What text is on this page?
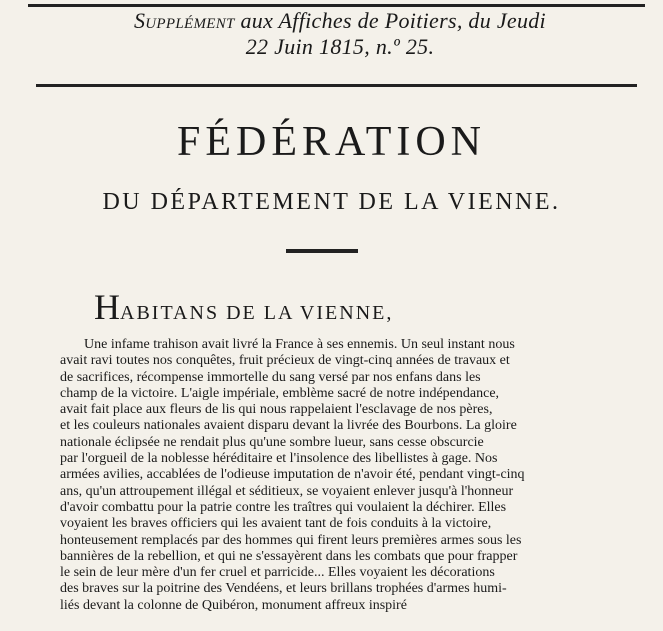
Supplément aux Affiches de Poitiers, du Jeudi
22 Juin 1815, n.º 25.
FÉDÉRATION
DU DÉPARTEMENT DE LA VIENNE.
HABITANS DE LA VIENNE,
Une infame trahison avait livré la France à ses ennemis. Un seul instant nous
avait ravi toutes nos conquêtes, fruit précieux de vingt-cinq années de travaux et
de sacrifices, récompense immortelle du sang versé par nos enfans dans les
champ de la victoire. L'aigle impériale, emblème sacré de notre indépendance,
avait fait place aux fleurs de lis qui nous rappelaient l'esclavage de nos pères,
et les couleurs nationales avaient disparu devant la livrée des Bourbons. La gloire
nationale éclipsée ne rendait plus qu'une sombre lueur, sans cesse obscurcie
par l'orgueil de la noblesse héréditaire et l'insolence des libellistes à gage. Nos
armées avilies, accablées de l'odieuse imputation de n'avoir été, pendant vingt-cinq
ans, qu'un attroupement illégal et séditieux, se voyaient enlever jusqu'à l'honneur
d'avoir combattu pour la patrie contre les traîtres qui voulaient la déchirer. Elles
voyaient les braves officiers qui les avaient tant de fois conduits à la victoire,
honteusement remplacés par des hommes qui firent leurs premières armes sous les
bannières de la rebellion, et qui ne s'essayèrent dans les combats que pour frapper
le sein de leur mère d'un fer cruel et parricide... Elles voyaient les décorations
des braves sur la poitrine des Vendéens, et leurs brillans trophées d'armes humi-
liés devant la colonne de Quibéron, monument affreux inspiré
